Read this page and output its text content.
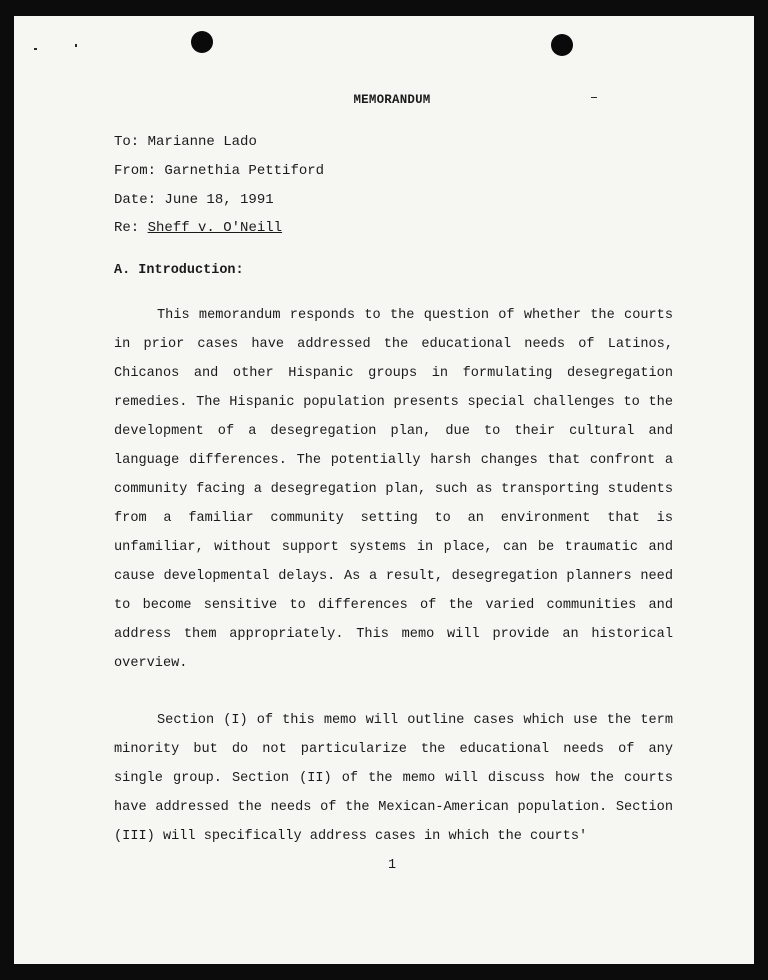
MEMORANDUM
To: Marianne Lado
From: Garnethia Pettiford
Date: June 18, 1991
Re: Sheff v. O'Neill
A. Introduction:

This memorandum responds to the question of whether the courts in prior cases have addressed the educational needs of Latinos, Chicanos and other Hispanic groups in formulating desegregation remedies. The Hispanic population presents special challenges to the development of a desegregation plan, due to their cultural and language differences. The potentially harsh changes that confront a community facing a desegregation plan, such as transporting students from a familiar community setting to an environment that is unfamiliar, without support systems in place, can be traumatic and cause developmental delays. As a result, desegregation planners need to become sensitive to differences of the varied communities and address them appropriately. This memo will provide an historical overview.

Section (I) of this memo will outline cases which use the term minority but do not particularize the educational needs of any single group. Section (II) of the memo will discuss how the courts have addressed the needs of the Mexican-American population. Section (III) will specifically address cases in which the courts'

1
